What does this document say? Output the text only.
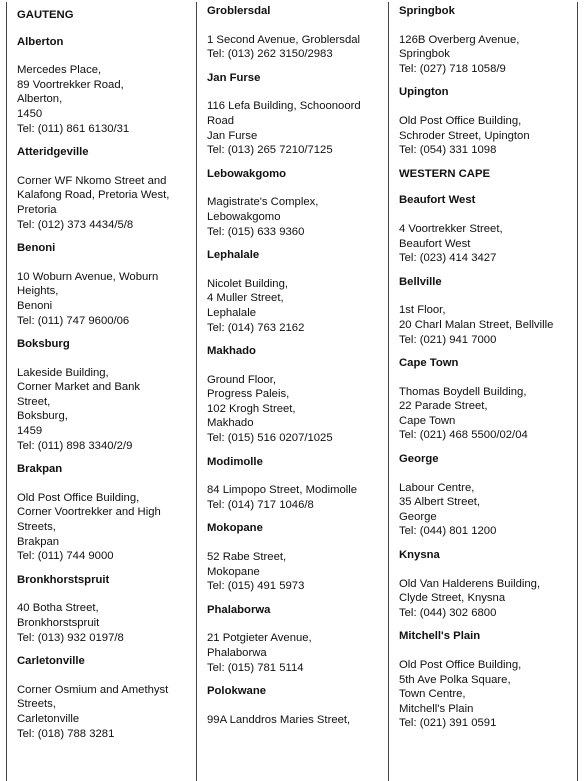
GAUTENG
Alberton
Mercedes Place,
89 Voortrekker Road,
Alberton,
1450
Tel: (011) 861 6130/31
Atteridgeville
Corner WF Nkomo Street and
Kalafong Road, Pretoria West,
Pretoria
Tel: (012) 373 4434/5/8
Benoni
10 Woburn Avenue, Woburn
Heights,
Benoni
Tel: (011) 747 9600/06
Boksburg
Lakeside Building,
Corner Market and Bank
Street,
Boksburg,
1459
Tel: (011) 898 3340/2/9
Brakpan
Old Post Office Building,
Corner Voortrekker and High
Streets,
Brakpan
Tel: (011) 744 9000
Bronkhorstspruit
40 Botha Street,
Bronkhorstspruit
Tel: (013) 932 0197/8
Carletonville
Corner Osmium and Amethyst
Streets,
Carletonville
Tel: (018) 788 3281
Groblersdal
1 Second Avenue, Groblersdal
Tel: (013) 262 3150/2983
Jan Furse
116 Lefa Building, Schoonoord
Road
Jan Furse
Tel: (013) 265 7210/7125
Lebowakgomo
Magistrate's Complex,
Lebowakgomo
Tel: (015) 633 9360
Lephalale
Nicolet Building,
4 Muller Street,
Lephalale
Tel: (014) 763 2162
Makhado
Ground Floor,
Progress Paleis,
102 Krogh Street,
Makhado
Tel: (015) 516 0207/1025
Modimolle
84 Limpopo Street, Modimolle
Tel: (014) 717 1046/8
Mokopane
52 Rabe Street,
Mokopane
Tel: (015) 491 5973
Phalaborwa
21 Potgieter Avenue,
Phalaborwa
Tel: (015) 781 5114
Polokwane
99A Landdros Maries Street,
Springbok
126B Overberg Avenue,
Springbok
Tel: (027) 718 1058/9
Upington
Old Post Office Building,
Schroder Street, Upington
Tel: (054) 331 1098
WESTERN CAPE
Beaufort West
4 Voortrekker Street,
Beaufort West
Tel: (023) 414 3427
Bellville
1st Floor,
20 Charl Malan Street, Bellville
Tel: (021) 941 7000
Cape Town
Thomas Boydell Building,
22 Parade Street,
Cape Town
Tel: (021) 468 5500/02/04
George
Labour Centre,
35 Albert Street,
George
Tel: (044) 801 1200
Knysna
Old Van Halderens Building,
Clyde Street, Knysna
Tel: (044) 302 6800
Mitchell's Plain
Old Post Office Building,
5th Ave Polka Square,
Town Centre,
Mitchell's Plain
Tel: (021) 391 0591
